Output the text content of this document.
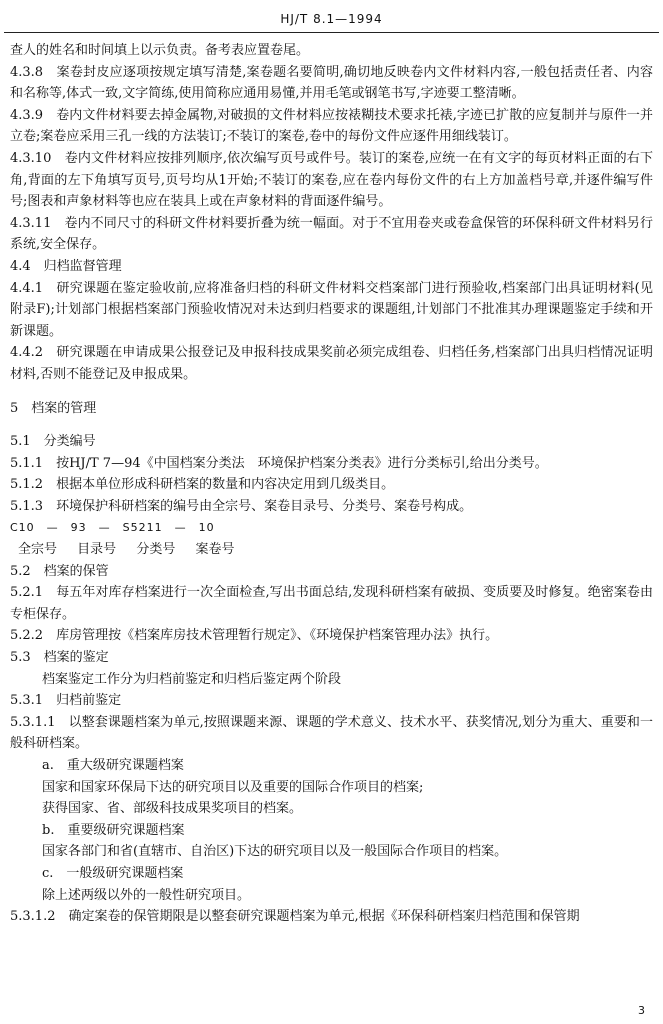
HJ/T 8.1—1994

查人的姓名和时间填上以示负责。备考表应置卷尾。

4.3.8　案卷封皮应逐项按规定填写清楚,案卷题名要简明,确切地反映卷内文件材料内容,一般包括责任者、内容和名称等,体式一致,文字简练,使用简称应通用易懂,并用毛笔或钢笔书写,字迹要工整清晰。

4.3.9　卷内文件材料要去掉金属物,对破损的文件材料应按裱糊技术要求托裱,字迹已扩散的应复制并与原件一并立卷;案卷应采用三孔一线的方法装订;不装订的案卷,卷中的每份文件应逐件用细线装订。

4.3.10　卷内文件材料应按排列顺序,依次编写页号或件号。装订的案卷,应统一在有文字的每页材料正面的右下角,背面的左下角填写页号,页号均从1开始;不装订的案卷,应在卷内每份文件的右上方加盖档号章,并逐件编写件号;图表和声象材料等也应在装具上或在声象材料的背面逐件编号。

4.3.11　卷内不同尺寸的科研文件材料要折叠为统一幅面。对于不宜用卷夹或卷盒保管的环保科研文件材料另行系统,安全保存。

4.4　归档监督管理

4.4.1　研究课题在鉴定验收前,应将准备归档的科研文件材料交档案部门进行预验收,档案部门出具证明材料(见附录F);计划部门根据档案部门预验收情况对未达到归档要求的课题组,计划部门不批准其办理课题鉴定手续和开新课题。

4.4.2　研究课题在申请成果公报登记及申报科技成果奖前必须完成组卷、归档任务,档案部门出具归档情况证明材料,否则不能登记及申报成果。

5　档案的管理

5.1　分类编号

5.1.1　按HJ/T 7—94《中国档案分类法　环境保护档案分类表》进行分类标引,给出分类号。

5.1.2　根据本单位形成科研档案的数量和内容决定用到几级类目。

5.1.3　环境保护科研档案的编号由全宗号、案卷目录号、分类号、案卷号构成。

C10　—　93　—　S5211　—　10

全宗号 目录号 分类号 案卷号

5.2　档案的保管

5.2.1　每五年对库存档案进行一次全面检查,写出书面总结,发现科研档案有破损、变质要及时修复。绝密案卷由专柜保存。

5.2.2　库房管理按《档案库房技术管理暂行规定》、《环境保护档案管理办法》执行。

5.3　档案的鉴定

档案鉴定工作分为归档前鉴定和归档后鉴定两个阶段

5.3.1　归档前鉴定

5.3.1.1　以整套课题档案为单元,按照课题来源、课题的学术意义、技术水平、获奖情况,划分为重大、重要和一般科研档案。

a.　重大级研究课题档案

国家和国家环保局下达的研究项目以及重要的国际合作项目的档案;

获得国家、省、部级科技成果奖项目的档案。

b.　重要级研究课题档案

国家各部门和省(直辖市、自治区)下达的研究项目以及一般国际合作项目的档案。

c.　一般级研究课题档案

除上述两级以外的一般性研究项目。

5.3.1.2　确定案卷的保管期限是以整套研究课题档案为单元,根据《环保科研档案归档范围和保管期

3
